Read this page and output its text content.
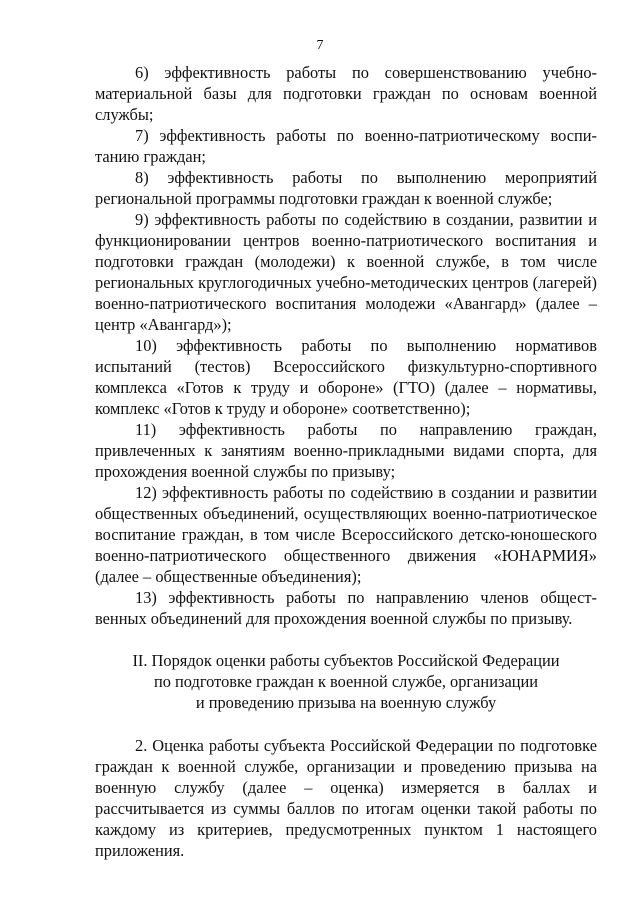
7

6) эффективность работы по совершенствованию учебно-материальной базы для подготовки граждан по основам военной службы;

7) эффективность работы по военно-патриотическому воспи-танию граждан;

8) эффективность работы по выполнению мероприятий региональной программы подготовки граждан к военной службе;

9) эффективность работы по содействию в создании, развитии и функционировании центров военно-патриотического воспитания и подготовки граждан (молодежи) к военной службе, в том числе региональных круглогодичных учебно-методических центров (лагерей) военно-патриотического воспитания молодежи «Авангард» (далее – центр «Авангард»);

10) эффективность работы по выполнению нормативов испытаний (тестов) Всероссийского физкультурно-спортивного комплекса «Готов к труду и обороне» (ГТО) (далее – нормативы, комплекс «Готов к труду и обороне» соответственно);

11) эффективность работы по направлению граждан, привлеченных к занятиям военно-прикладными видами спорта, для прохождения военной службы по призыву;

12) эффективность работы по содействию в создании и развитии общественных объединений, осуществляющих военно-патриотическое воспитание граждан, в том числе Всероссийского детско-юношеского военно-патриотического общественного движения «ЮНАРМИЯ» (далее – общественные объединения);

13) эффективность работы по направлению членов общест-венных объединений для прохождения военной службы по призыву.

II. Порядок оценки работы субъектов Российской Федерации
по подготовке граждан к военной службе, организации
и проведению призыва на военную службу

2. Оценка работы субъекта Российской Федерации по подготовке граждан к военной службе, организации и проведению призыва на военную службу (далее – оценка) измеряется в баллах и рассчитывается из суммы баллов по итогам оценки такой работы по каждому из критериев, предусмотренных пунктом 1 настоящего приложения.
